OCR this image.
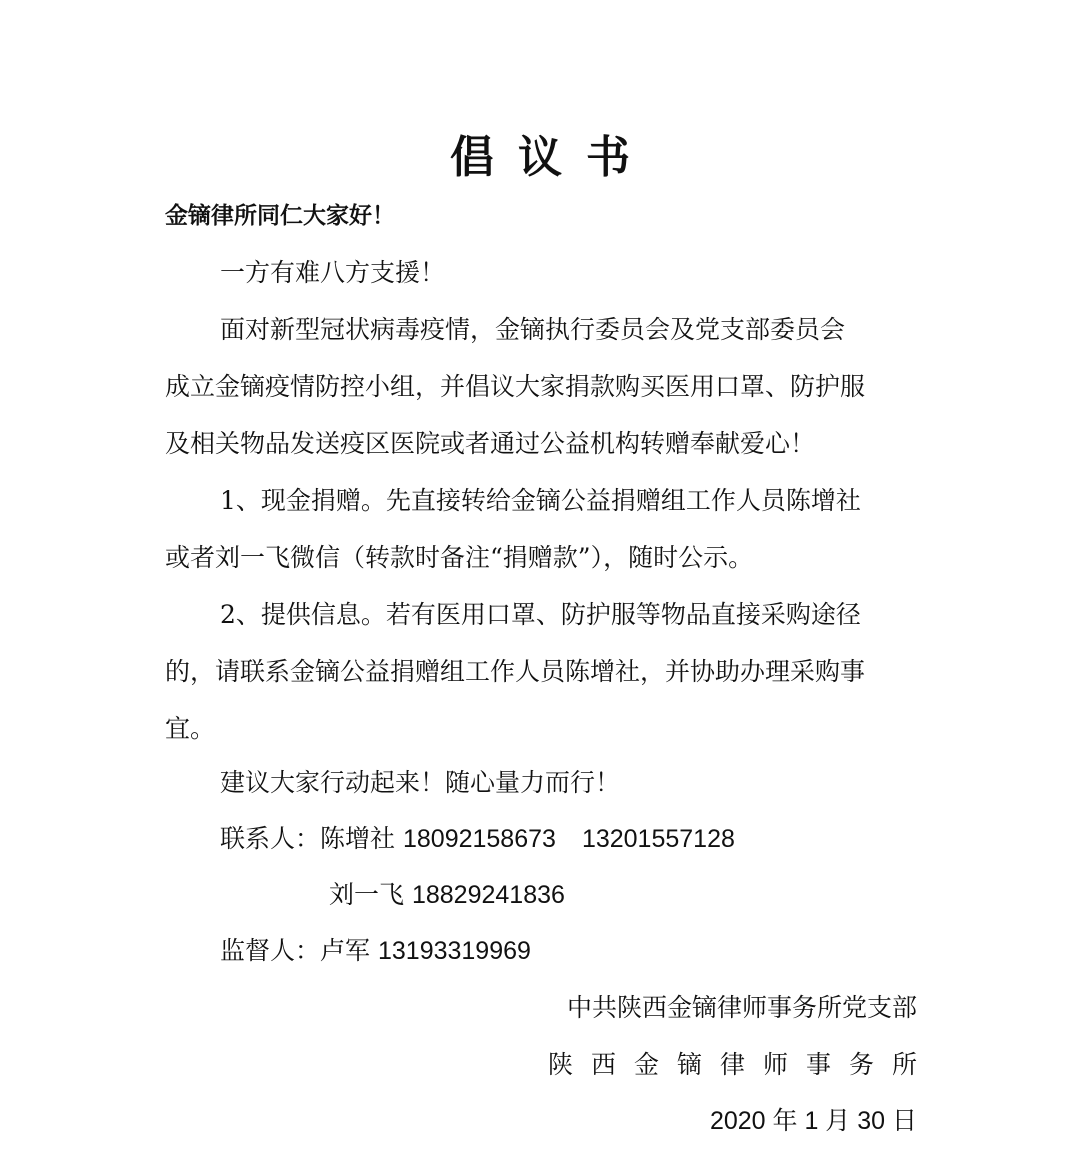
倡议书
金镝律所同仁大家好！
一方有难八方支援！
面对新型冠状病毒疫情，金镝执行委员会及党支部委员会
成立金镝疫情防控小组，并倡议大家捐款购买医用口罩、防护服
及相关物品发送疫区医院或者通过公益机构转赠奉献爱心！
1、现金捐赠。先直接转给金镝公益捐赠组工作人员陈增社
或者刘一飞微信（转款时备注“捐赠款”），随时公示。
2、提供信息。若有医用口罩、防护服等物品直接采购途径
的，请联系金镝公益捐赠组工作人员陈增社，并协助办理采购事
宜。
建议大家行动起来！随心量力而行！
联系人：陈增社 18092158673 13201557128
刘一飞 18829241836
监督人：卢军 13193319969
中共陕西金镝律师事务所党支部
陕西金镝律师事务所
2020 年 1 月 30 日
